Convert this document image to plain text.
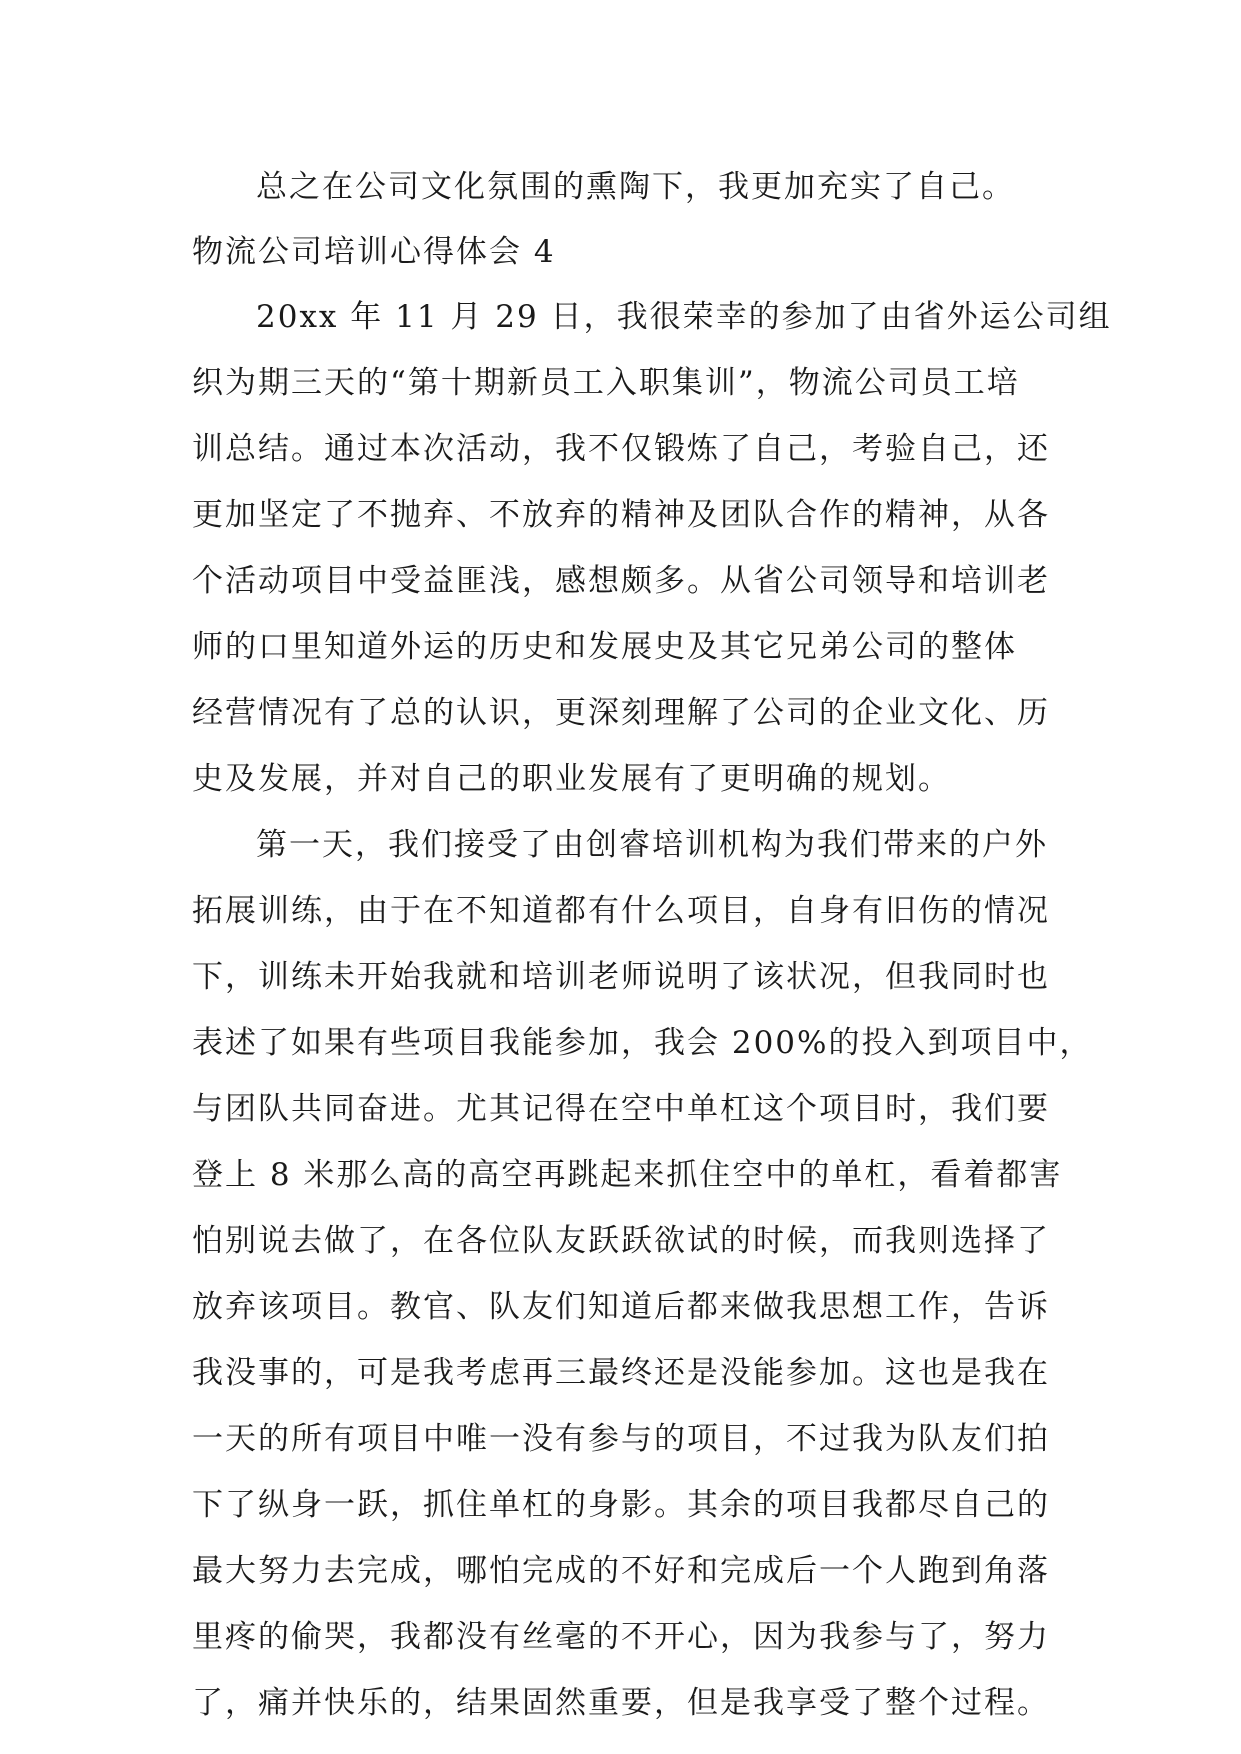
总之在公司文化氛围的熏陶下，我更加充实了自己。
物流公司培训心得体会 4
20xx 年 11 月 29 日，我很荣幸的参加了由省外运公司组
织为期三天的“第十期新员工入职集训”，物流公司员工培
训总结。通过本次活动，我不仅锻炼了自己，考验自己，还
更加坚定了不抛弃、不放弃的精神及团队合作的精神，从各
个活动项目中受益匪浅，感想颇多。从省公司领导和培训老
师的口里知道外运的历史和发展史及其它兄弟公司的整体
经营情况有了总的认识，更深刻理解了公司的企业文化、历
史及发展，并对自己的职业发展有了更明确的规划。
第一天，我们接受了由创睿培训机构为我们带来的户外
拓展训练，由于在不知道都有什么项目，自身有旧伤的情况
下，训练未开始我就和培训老师说明了该状况，但我同时也
表述了如果有些项目我能参加，我会 200%的投入到项目中，
与团队共同奋进。尤其记得在空中单杠这个项目时，我们要
登上 8 米那么高的高空再跳起来抓住空中的单杠，看着都害
怕别说去做了，在各位队友跃跃欲试的时候，而我则选择了
放弃该项目。教官、队友们知道后都来做我思想工作，告诉
我没事的，可是我考虑再三最终还是没能参加。这也是我在
一天的所有项目中唯一没有参与的项目，不过我为队友们拍
下了纵身一跃，抓住单杠的身影。其余的项目我都尽自己的
最大努力去完成，哪怕完成的不好和完成后一个人跑到角落
里疼的偷哭，我都没有丝毫的不开心，因为我参与了，努力
了，痛并快乐的，结果固然重要，但是我享受了整个过程。
